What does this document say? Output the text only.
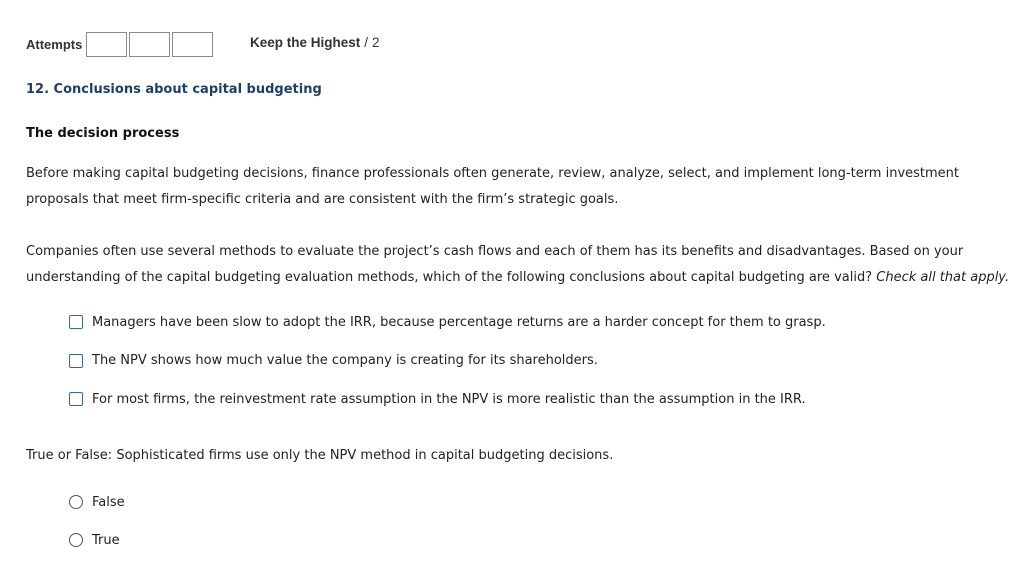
Attempts	Keep the Highest / 2
12. Conclusions about capital budgeting
The decision process

Before making capital budgeting decisions, finance professionals often generate, review, analyze, select, and implement long-term investment proposals that meet firm-specific criteria and are consistent with the firm’s strategic goals.

Companies often use several methods to evaluate the project’s cash flows and each of them has its benefits and disadvantages. Based on your understanding of the capital budgeting evaluation methods, which of the following conclusions about capital budgeting are valid? Check all that apply.

Managers have been slow to adopt the IRR, because percentage returns are a harder concept for them to grasp.
The NPV shows how much value the company is creating for its shareholders.
For most firms, the reinvestment rate assumption in the NPV is more realistic than the assumption in the IRR.

True or False: Sophisticated firms use only the NPV method in capital budgeting decisions.

False
True
